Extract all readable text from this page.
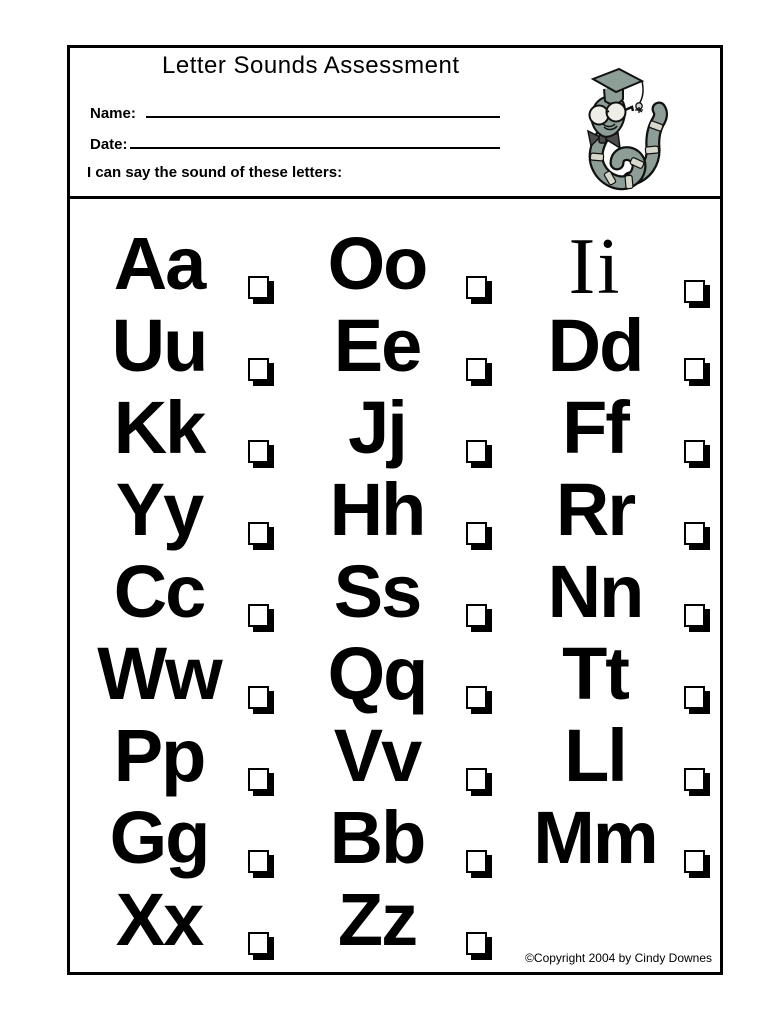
Letter Sounds Assessment
Name:
Date:

I can say the sound of these letters:

Aa	Oo	Ii
Uu	Ee	Dd
Kk	Jj	Ff
Yy	Hh	Rr
Cc	Ss	Nn
Ww	Qq	Tt
Pp	Vv	Ll
Gg	Bb	Mm
Xx	Zz	©Copyright 2004 by Cindy Downes
